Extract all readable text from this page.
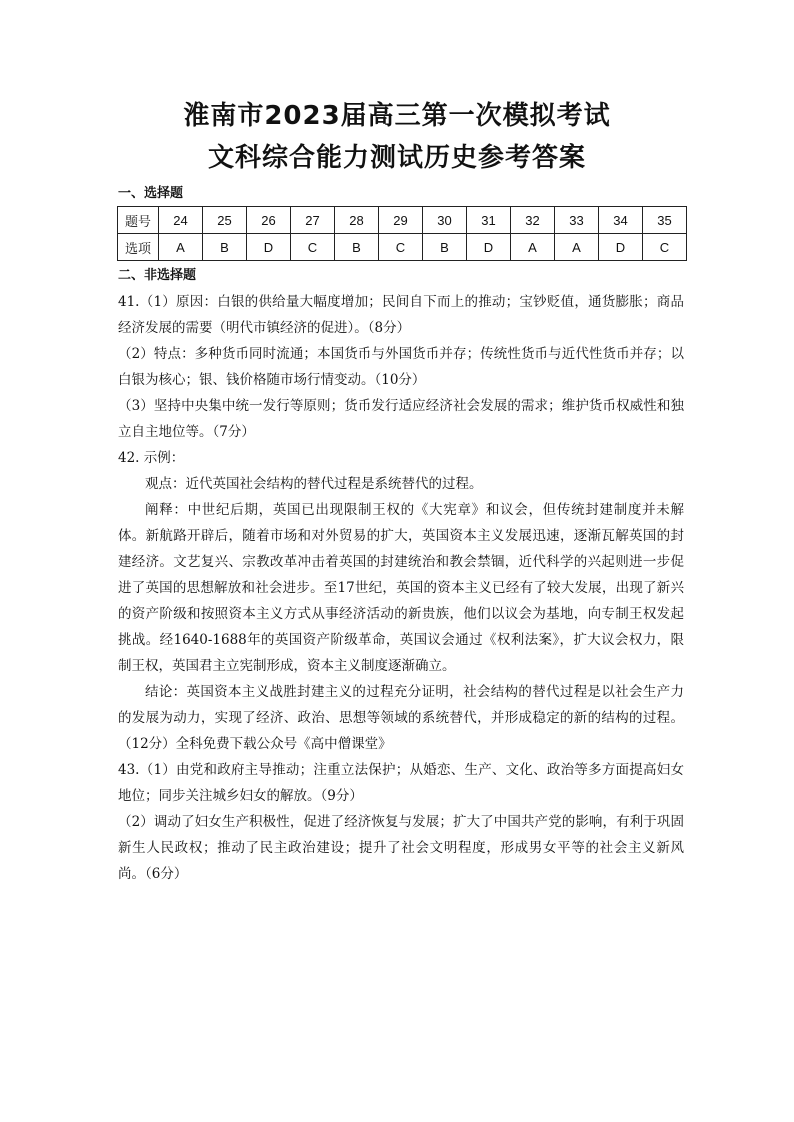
淮南市2023届高三第一次模拟考试
文科综合能力测试历史参考答案
一、选择题
题号	24	25	26	27	28	29	30	31	32	33	34	35
选项	A	B	D	C	B	C	B	D	A	A	D	C
二、非选择题

41.（1）原因：白银的供给量大幅度增加；民间自下而上的推动；宝钞贬值，通货膨胀；商品经济发展的需要（明代市镇经济的促进）。（8分）

（2）特点：多种货币同时流通；本国货币与外国货币并存；传统性货币与近代性货币并存；以白银为核心；银、钱价格随市场行情变动。（10分）

（3）坚持中央集中统一发行等原则；货币发行适应经济社会发展的需求；维护货币权威性和独立自主地位等。（7分）

42. 示例：

观点：近代英国社会结构的替代过程是系统替代的过程。

阐释：中世纪后期，英国已出现限制王权的《大宪章》和议会，但传统封建制度并未解体。新航路开辟后，随着市场和对外贸易的扩大，英国资本主义发展迅速，逐渐瓦解英国的封建经济。文艺复兴、宗教改革冲击着英国的封建统治和教会禁锢，近代科学的兴起则进一步促进了英国的思想解放和社会进步。至17世纪，英国的资本主义已经有了较大发展，出现了新兴的资产阶级和按照资本主义方式从事经济活动的新贵族，他们以议会为基地，向专制王权发起挑战。经1640-1688年的英国资产阶级革命，英国议会通过《权利法案》，扩大议会权力，限制王权，英国君主立宪制形成，资本主义制度逐渐确立。

结论：英国资本主义战胜封建主义的过程充分证明，社会结构的替代过程是以社会生产力的发展为动力，实现了经济、政治、思想等领域的系统替代，并形成稳定的新的结构的过程。（12分）全科免费下载公众号《高中僧课堂》

43.（1）由党和政府主导推动；注重立法保护；从婚恋、生产、文化、政治等多方面提高妇女地位；同步关注城乡妇女的解放。（9分）

（2）调动了妇女生产积极性，促进了经济恢复与发展；扩大了中国共产党的影响，有利于巩固新生人民政权；推动了民主政治建设；提升了社会文明程度，形成男女平等的社会主义新风尚。（6分）
